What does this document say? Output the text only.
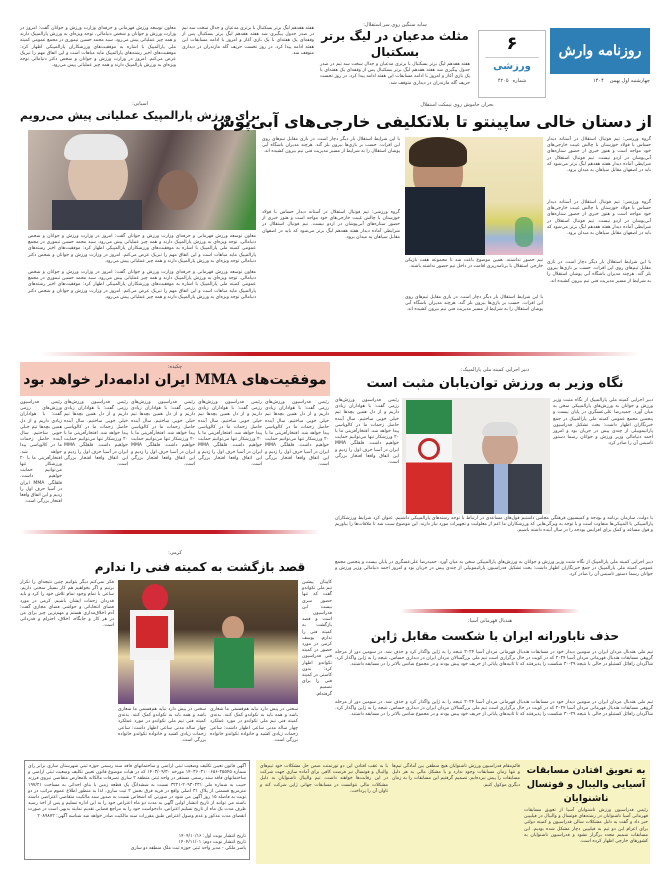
روزنامه وارش
چهارشنبه اول بهمن
۱۴۰۴
۶
ورزشی
شماره
۴۲۰۵
سایه سنگین روی سر استقلال:
مثلث مدعیان در لیگ برتر
بسکتبال
هفته هفدهم لیگ برتر بسکتبال با برتری مدعیان و جدال سخت سه تیم در صدر جدول پیگیری شد هفته هفدهم لیگ برتر بسکتبال پس از وقفه‌ای یک هفته‌ای با یک بازی آغاز و امروز با ادامه مسابقات این هفته ادامه پیدا کرد. در روز نخست حریف گله مازندران در دیداری متوقف شد.
هفته هفدهم لیگ برتر بسکتبال با برتری مدعیان و جدال سخت سه تیم در صدر جدول پیگیری شد هفته هفدهم لیگ برتر بسکتبال پس از وقفه‌ای یک هفته‌ای با یک بازی آغاز و امروز با ادامه مسابقات این هفته ادامه پیدا کرد. در روز نخست حریف گله مازندران در دیداری متوقف شد.
معاون توسعه ورزش قهرمانی و حرفه‌ای وزارت ورزش و جوانان گفت: امروز در وزارت ورزش و جوانان و شخص دنیامالی، توجه ویژه‌ای به ورزش پارالمپیک دارند و همه چیز عملیاتی پیش می‌رود. سید محمد حسین تیموری در مجمع عمومی کمیته ملی پارالمپیک با اشاره به موفقیت‌های ورزشکاران پارالمپیکی اظهار کرد: موفقیت‌های اخیر رشته‌های پارالمپیک مایه مباهات است و این اتفاق مهم را تبریک عرض می‌کنم. امروز در وزارت ورزش و جوانان و شخص دکتر دنیامالی توجه ویژه‌ای به ورزش پارالمپیک دارند و همه چیز عملیاتی پیش می‌رود.
اسیایی:
برای ورزش پارالمپیک عملیاتی پیش می‌رویم
معاون توسعه ورزش قهرمانی و حرفه‌ای وزارت ورزش و جوانان گفت: امروز در وزارت ورزش و جوانان و شخص دنیامالی، توجه ویژه‌ای به ورزش پارالمپیک دارند و همه چیز عملیاتی پیش می‌رود. سید محمد حسین تیموری در مجمع عمومی کمیته ملی پارالمپیک با اشاره به موفقیت‌های ورزشکاران پارالمپیکی اظهار کرد: موفقیت‌های اخیر رشته‌های پارالمپیک مایه مباهات است و این اتفاق مهم را تبریک عرض می‌کنم. امروز در وزارت ورزش و جوانان و شخص دکتر دنیامالی توجه ویژه‌ای به ورزش پارالمپیک دارند و همه چیز عملیاتی پیش می‌رود.
معاون توسعه ورزش قهرمانی و حرفه‌ای وزارت ورزش و جوانان گفت: امروز در وزارت ورزش و جوانان و شخص دنیامالی، توجه ویژه‌ای به ورزش پارالمپیک دارند و همه چیز عملیاتی پیش می‌رود. سید محمد حسین تیموری در مجمع عمومی کمیته ملی پارالمپیک با اشاره به موفقیت‌های ورزشکاران پارالمپیکی اظهار کرد: موفقیت‌های اخیر رشته‌های پارالمپیک مایه مباهات است و این اتفاق مهم را تبریک عرض می‌کنم. امروز در وزارت ورزش و جوانان و شخص دکتر دنیامالی توجه ویژه‌ای به ورزش پارالمپیک دارند و همه چیز عملیاتی پیش می‌رود.
بحران خاموش روی نیمکت استقلال
از دستان خالی ساپینتو تا بلاتکلیفی خارجی‌های آبی‌پوش
گروه ورزشی: تیم فوتبال استقلال در آستانه دیدار حساس با فولاد خوزستان با چالش غیبت خارجی‌های خود مواجه است و هنوز خبری از حضور ستاره‌های آبی‌پوشان در اردو نیست. تیم فوتبال استقلال در شرایطی آماده دیدار هفته هفدهم لیگ برتر می‌شود که باید در اصفهان مقابل سپاهان به میدان برود.
گروه ورزشی: تیم فوتبال استقلال در آستانه دیدار حساس با فولاد خوزستان با چالش غیبت خارجی‌های خود مواجه است و هنوز خبری از حضور ستاره‌های آبی‌پوشان در اردو نیست. تیم فوتبال استقلال در شرایطی آماده دیدار هفته هفدهم لیگ برتر می‌شود که باید در اصفهان مقابل سپاهان به میدان برود.
با این شرایط استقلال بار دیگر دچار است. در بازی مقابل تیم‌های روی این اقرات. حسب بر بازی‌ها بیرون بلز گند. هرچند مدیران باشگاه آبی پوشان استقلال را به شرایط از مسیر مدیریت فنی تیم بیرون کشیده اند.
با این شرایط استقلال بار دیگر دچار است. در بازی مقابل تیم‌های روی این اقرات. حسب بر بازی‌ها بیرون بلز گند. هرچند مدیران باشگاه آبی پوشان استقلال را به شرایط از مسیر مدیریت فنی تیم بیرون کشیده اند.
گروه ورزشی: تیم فوتبال استقلال در آستانه دیدار حساس با فولاد خوزستان با چالش غیبت خارجی‌های خود مواجه است و هنوز خبری از حضور ستاره‌های آبی‌پوشان در اردو نیست. تیم فوتبال استقلال در شرایطی آماده دیدار هفته هفدهم لیگ برتر می‌شود که باید در اصفهان مقابل سپاهان به میدان برود.
تیم حضور تداشتند. همین موضوع باعث شد تا مجموعه هفت بازیکن خارجی استقلال با برنامه‌ریزی اقامت در داخل تیم حضور نداشته باشند.
با این شرایط استقلال بار دیگر دچار است. در بازی مقابل تیم‌های روی این اقرات. حسب بر بازی‌ها بیرون بلز گند. هرچند مدیران باشگاه آبی پوشان استقلال را به شرایط از مسیر مدیریت فنی تیم بیرون کشیده اند.
چکیده:
موفقیت‌های MMA ایران ادامه‌دار خواهد بود
رئیس فدراسیون ورزش‌های رزمی گفت: با هواداران زیادی داریم و از دل همین بچه‌ها تیم خیلی خوبی ساختیم. سال آینده حاصل زحمات ما در کالوپاسی پیدا خواهد شد. افتخارآفرینی ما با ۲۰ ورزشکار تنها می‌توانیم حمایت خواهیم داشت. قلقلگی MMA ایران در آسیا حرف اول را زدیم و این اتفاق واقعا افتخار بزرگی است.
رئیس فدراسیون ورزش‌های رزمی گفت: با هواداران زیادی داریم و از دل همین بچه‌ها تیم خیلی خوبی ساختیم. سال آینده حاصل زحمات ما در کالوپاسی پیدا خواهد شد. افتخارآفرینی ما با ۲۰ ورزشکار تنها می‌توانیم حمایت خواهیم داشت. قلقلگی MMA ایران در آسیا حرف اول را زدیم و این اتفاق واقعا افتخار بزرگی است.
رئیس فدراسیون ورزش‌های رزمی گفت: با هواداران زیادی داریم و از دل همین بچه‌ها تیم خیلی خوبی ساختیم. سال آینده حاصل زحمات ما در کالوپاسی پیدا خواهد شد. افتخارآفرینی ما با ۲۰ ورزشکار تنها می‌توانیم حمایت خواهیم داشت. قلقلگی MMA ایران در آسیا حرف اول را زدیم و این اتفاق واقعا افتخار بزرگی است.
رئیس فدراسیون ورزش‌های رزمی گفت: با هواداران زیادی داریم و از دل همین بچه‌ها تیم خیلی خوبی ساختیم. سال آینده حاصل زحمات ما در کالوپاسی پیدا خواهد شد. افتخارآفرینی ما با ۲۰ ورزشکار تنها می‌توانیم حمایت خواهیم داشت. قلقلگی MMA ایران در آسیا حرف اول را زدیم و این اتفاق واقعا افتخار بزرگی است.
رئیس فدراسیون ورزش‌های رزمی گفت: با هواداران زیادی داریم و از دل همین بچه‌ها تیم خیلی خوبی ساختیم. سال آینده حاصل زحمات ما در کالوپاسی پیدا خواهد شد. افتخارآفرینی ما با ۲۰ ورزشکار تنها می‌توانیم حمایت خواهیم داشت. قلقلگی MMA ایران در آسیا حرف اول را زدیم و این اتفاق واقعا افتخار بزرگی است.
دبیر اجرایی کمیته ملی پارالمپیک:
نگاه وزیر به ورزش توان‌یابان مثبت است
دبیر اجرایی کمیته ملی پارالمپیک از نگاه مثبت وزیر ورزش و جوانان به ورزش‌های پارالمپیکی سخن به میان آورد. حمیدرضا علی‌عسگری در پایان بیست و پنجمین مجمع عمومی کمیته ملی پارالمپیک در جمع خبرنگاران اظهار داشت: بحث تشکیل فدراسیون پاراتیموبیلی از چندی پیش در جریان بود و امروز احمد دنیامالی وزیر ورزش و جوانان رسما دستور تاسیس آن را صادر کرد.
رئیس فدراسیون ورزش‌های رزمی گفت: با هواداران زیادی داریم و از دل همین بچه‌ها تیم خیلی خوبی ساختیم. سال آینده حاصل زحمات ما در کالوپاسی پیدا خواهد شد. افتخارآفرینی ما با ۲۰ ورزشکار تنها می‌توانیم حمایت خواهیم داشت. قلقلگی MMA ایران در آسیا حرف اول را زدیم و این اتفاق واقعا افتخار بزرگی است.
با دولت، سازمان برنامه و بودجه و کمیسیون فرهنگی مجلس داشتیم قول‌های مساعدی در ارتباط با توجه رشته‌های پارالمپیکی داشتیم. عنوان کرد شرایط ورزشکاران پارالمپیکی با المپیکی‌ها متفاوت است و با توجه به ویژگی‌هایی که ورزشکاران ما اعم از معلولیت و تجهیزات مورد نیاز دارند. این موضوع سبب شد تا ملاقات‌ها را بیاوریم و قول مساعد و کمک برای افزایش بودجه را در سال آینده داشته باشیم.
دبیر اجرایی کمیته ملی پارالمپیک از نگاه مثبت وزیر ورزش و جوانان به ورزش‌های پارالمپیکی سخن به میان آورد. حمیدرضا علی‌عسگری در پایان بیست و پنجمین مجمع عمومی کمیته ملی پارالمپیک در جمع خبرنگاران اظهار داشت: بحث تشکیل فدراسیون پاراتیموبیلی از چندی پیش در جریان بود و امروز احمد دنیامالی وزیر ورزش و جوانان رسما دستور تاسیس آن را صادر کرد.
کرمی:
قصد بازگشت به کمیته فنی را ندارم
فکر نمی‌کنم دیگر بتوانیم چنین نتیجه‌ای را تکرار بزنیم و اگر بخواهیم هم کار بسیار سختی داریم. ساعی با تمام وجود تمام تلاش خود را کرد و باید قدردان زحمات ایشان باشیم. کرمی در مورد فضای انتخاباتی و حواشی فضای مجازی گفت: آدم اخلاق‌مداری هستم و مهم‌ترین چیز برای من در هر کار و جایگاه، اخلاق، احترام و قدردانی است.
سخنی در پیش دارد نباید هم‌قسمی ما شعاری باشد و همه باید به تکواندو کمک کنند. بدنه‌ی کمیته فنی تیم ملی تکواندو در مورد عملکرد چهار ساله مدنی ساعی اظهار داشت: ساعی زحمات زیادی کشید و خانواده تکواندو خانواده بزرگی است.
سخنی در پیش دارد نباید هم‌قسمی ما شعاری باشد و همه باید به تکواندو کمک کنند. بدنه‌ی کمیته فنی تیم ملی تکواندو در مورد عملکرد چهار ساله مدنی ساعی اظهار داشت: ساعی زحمات زیادی کشید و خانواده تکواندو خانواده بزرگی است.
کاپیتان پیشین تیم ملی تکواندو گفت که تنها حضور سری بیست این فدراسیون است و قصد بازگشت به کمیته فنی را ندارم. یوسف کرمی در مورد حضور در کمیته فنی فدراسیون تکواندو اظهار کرد: بدون کاستی در کمیته فنی را برای تصمیم گرفته‌ام.
هندبال قهرمانی آسیا:
حذف ناباورانه ایران با شکست مقابل ژاپن
تیم ملی هندبال مردان ایران در سومین دیدار خود در مسابقات هندبال قهرمانی مردان آسیا ۲۰۲۴ نتیجه را به ژاپن واگذار کرد و حذف شد. در سومین دور از مرحله گروهی مسابقات هندبال قهرمانی مردان آسیا ۲۰۲۴ که در کویت در حال برگزاری است تیم ملی بزرگسالان مردان ایران در دیداری حساس، نتیجه را به ژاپن واگذار کرد. شاگردان رافائل کستیلو در حالی با نتیجه ۲۹-۳۰ شکست را پذیرفتند که تا ثانیه‌های پایانی از حریف خود پیش بودند و در مجموع شانس بالاتر را در مسابقه داشتند.
تیم ملی هندبال مردان ایران در سومین دیدار خود در مسابقات هندبال قهرمانی مردان آسیا ۲۰۲۴ نتیجه را به ژاپن واگذار کرد و حذف شد. در سومین دور از مرحله گروهی مسابقات هندبال قهرمانی مردان آسیا ۲۰۲۴ که در کویت در حال برگزاری است تیم ملی بزرگسالان مردان ایران در دیداری حساس، نتیجه را به ژاپن واگذار کرد. شاگردان رافائل کستیلو در حالی با نتیجه ۲۹-۳۰ شکست را پذیرفتند که تا ثانیه‌های پایانی از حریف خود پیش بودند و در مجموع شانس بالاتر را در مسابقه داشتند.
به تعویق افتادن مسابقات
آسیایی والیبال و فوتسال
ناشنوایان
رئیس فدراسیون ورزش ناشنوایان آسیا از تعویق مسابقات قهرمانی آسیا ناشنوایان در رشته‌های فوتسال و والیبال در فیلیپین خبر داد و گفت به دلیل مشکلات سالن فدراسیون و کمیته دولتی برای اعزام این دو تیم به فیلیپین دچار مشکل شده بودیم. این مسابقات شمیم مجدد برگزار نشود و فدراسیون ناشنوایان به کشورهای خارجی اظهار کرده است.
قائم‌مقام فدراسیون ورزش ناشنوایان هیچ منطقی بین آمادگی تیم‌ها و تنها زمان مسابقات وجود ندارد و با مشکل مالی به هر دلیل مسابقات را پیش نبرده‌ایم. تصمیم گرفتیم این مسابقات را به زمان دیگری موکول کنیم.
با به عقب افتادن این دو تورنمنت ضمن حل مشکلات خود تیم‌های والیبال و فوتسال نیز فرصت کافی برای آماده سازی جهت شرکت در این رقابت‌ها خواهند داشت. تیم والیبال ناشنوایان به دلیل مشکلات مالی نتوانست در مسابقات جهانی ژاپن شرکت کند و تاوان آن را پرداخت.
آگهی قانون تعیین تکلیف وضعیت ثبتی اراضی و ساختمانهای فاقد سند رسمی حوزه ثبتی شهرستان ساری برابر رای شماره ۲۵۵۴۵-۱۴۰۳۶۰۳۱۰۰۶۵۶ مورخه ۱۴۰۳/۰۹/۳۰ که در هیات موضوع قانون تعیین تکلیف وضعیت ثبتی اراضی و ساختمانهای فاقد سند رسمی مستقر در واحد ثبتی منطقه ۲ ساری تصرفات مالکانه بلامعارض متقاضی نیروی فرزند حبیب به شماره ملی ۲۰۹۳۰۲۳۱-۳۲۲۱ نسبت به ششدانگ یک قطعه زمین با بنای احداثی به مساحت ۱۹۷/۲۱ مترمربع قسمتی از پلاک ۳۱ اصلی واقع در قریه قرق بخش ۲ ثبت ساری. لذا به منظور اطلاع عموم مراتب در دو نوبت به فاصله ۱۵ روز آگهی می شود در صورتی که اشخاص نسبت به صدور سند مالکیت متقاضی اعتراضی داشته باشند می توانند از تاریخ انتشار اولین آگهی به مدت دو ماه اعتراض خود را به این اداره تسلیم و پس از اخذ رسید ظرف مدت یک ماه از تاریخ تسلیم اعتراض، دادخواست خود را به مراجع قضایی تقدیم نمایند بدیهی است در صورت انقضای مدت مذکور و عدم وصول اعتراض طبق مقررات سند مالکیت صادر خواهد شد شناسه آگهی: ۲۰۸۹۸۷۲
تاریخ انتشار نوبت اول: ۱۴۰۴/۱۰/۱۶
تاریخ انتشار نوبت دوم: ۱۴۰۴/۱۱/۰۱
یاسر ملکی - مدیر واحد ثبتی حوزه ثبت ملک منطقه دو ساری
